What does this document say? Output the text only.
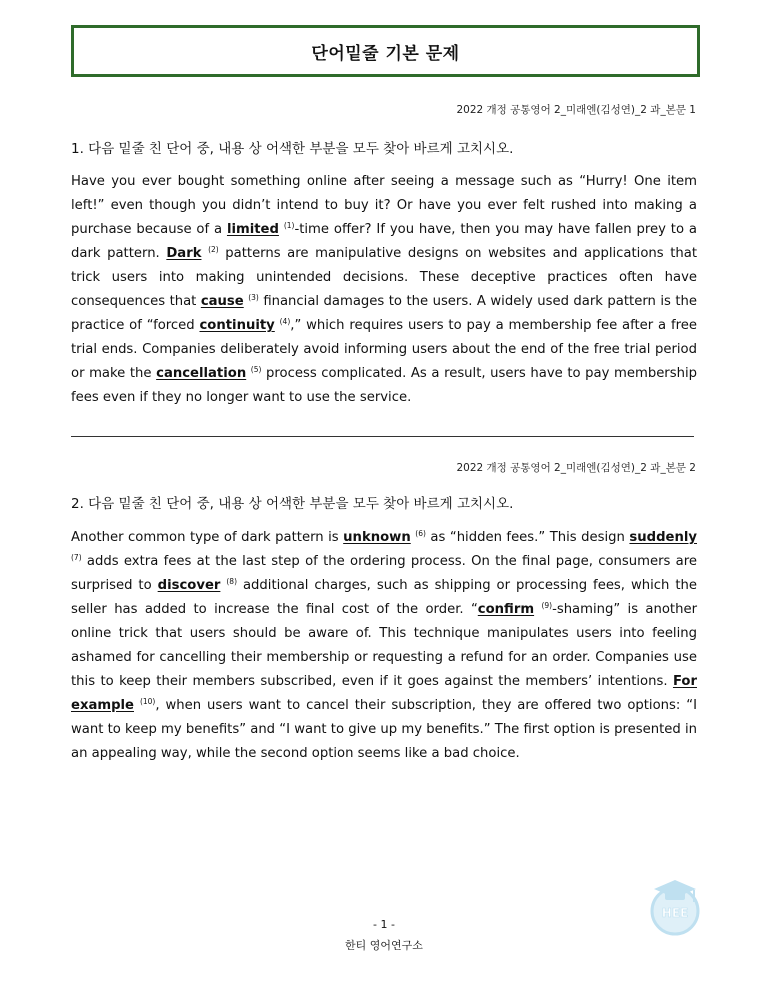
단어밑줄 기본 문제
2022 개정 공통영어 2_미래엔(김성연)_2 과_본문 1
1. 다음 밑줄 친 단어 중, 내용 상 어색한 부분을 모두 찾아 바르게 고치시오.
Have you ever bought something online after seeing a message such as “Hurry! One item left!” even though you didn’t intend to buy it? Or have you ever felt rushed into making a purchase because of a limited $^{(1)}$-time offer? If you have, then you may have fallen prey to a dark pattern. Dark $^{(2)}$ patterns are manipulative designs on websites and applications that trick users into making unintended decisions. These deceptive practices often have consequences that cause $^{(3)}$ financial damages to the users. A widely used dark pattern is the practice of “forced continuity $^{(4)}$,” which requires users to pay a membership fee after a free trial ends. Companies deliberately avoid informing users about the end of the free trial period or make the cancellation $^{(5)}$ process complicated. As a result, users have to pay membership fees even if they no longer want to use the service.
2022 개정 공통영어 2_미래엔(김성연)_2 과_본문 2
2. 다음 밑줄 친 단어 중, 내용 상 어색한 부분을 모두 찾아 바르게 고치시오.
Another common type of dark pattern is unknown $^{(6)}$ as “hidden fees.” This design suddenly $^{(7)}$ adds extra fees at the last step of the ordering process. On the final page, consumers are surprised to discover $^{(8)}$ additional charges, such as shipping or processing fees, which the seller has added to increase the final cost of the order. “confirm $^{(9)}$-shaming” is another online trick that users should be aware of. This technique manipulates users into feeling ashamed for cancelling their membership or requesting a refund for an order. Companies use this to keep their members subscribed, even if it goes against the members’ intentions. For example $^{(10)}$, when users want to cancel their subscription, they are offered two options: “I want to keep my benefits” and “I want to give up my benefits.” The first option is presented in an appealing way, while the second option seems like a bad choice.
HEE
- 1 -
한티 영어연구소
